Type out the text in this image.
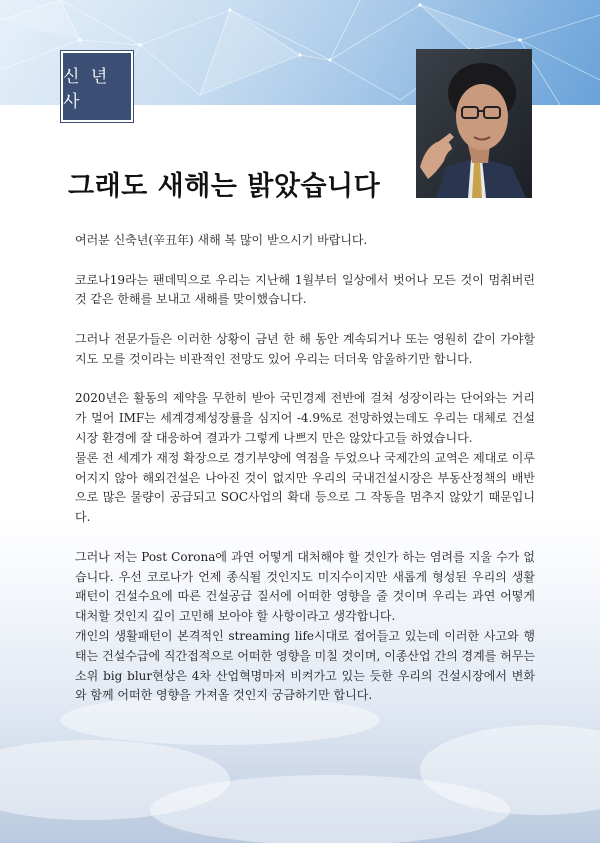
신 년 사
그래도 새해는 밝았습니다

여러분 신축년(辛丑年) 새해 복 많이 받으시기 바랍니다.

코로나19라는 팬데믹으로 우리는 지난해 1월부터 일상에서 벗어나 모든 것이 멈춰버린 것 같은 한해를 보내고 새해를 맞이했습니다.

그러나 전문가들은 이러한 상황이 금년 한 해 동안 계속되거나 또는 영원히 같이 가야할지도 모를 것이라는 비관적인 전망도 있어 우리는 더더욱 암울하기만 합니다.

2020년은 활동의 제약을 무한히 받아 국민경제 전반에 걸쳐 성장이라는 단어와는 거리가 멀어 IMF는 세계경제성장률을 심지어 -4.9%로 전망하였는데도 우리는 대체로 건설시장 환경에 잘 대응하여 결과가 그렇게 나쁘지 만은 않았다고들 하였습니다.

물론 전 세계가 재정 확장으로 경기부양에 역점을 두었으나 국제간의 교역은 제대로 이루어지지 않아 해외건설은 나아진 것이 없지만 우리의 국내건설시장은 부동산정책의 배반으로 많은 물량이 공급되고 SOC사업의 확대 등으로 그 작동을 멈추지 않았기 때문입니다.

그러나 저는 Post Corona에 과연 어떻게 대처해야 할 것인가 하는 염려를 지울 수가 없습니다. 우선 코로나가 언제 종식될 것인지도 미지수이지만 새롭게 형성된 우리의 생활 패턴이 건설수요에 따른 건설공급 질서에 어떠한 영향을 줄 것이며 우리는 과연 어떻게 대처할 것인지 깊이 고민해 보아야 할 사항이라고 생각합니다.

개인의 생활패턴이 본격적인 streaming life시대로 접어들고 있는데 이러한 사고와 행태는 건설수급에 직간접적으로 어떠한 영향을 미칠 것이며, 이종산업 간의 경계를 허무는 소위 big blur현상은 4차 산업혁명마저 비켜가고 있는 듯한 우리의 건설시장에서 변화와 함께 어떠한 영향을 가져올 것인지 궁금하기만 합니다.
